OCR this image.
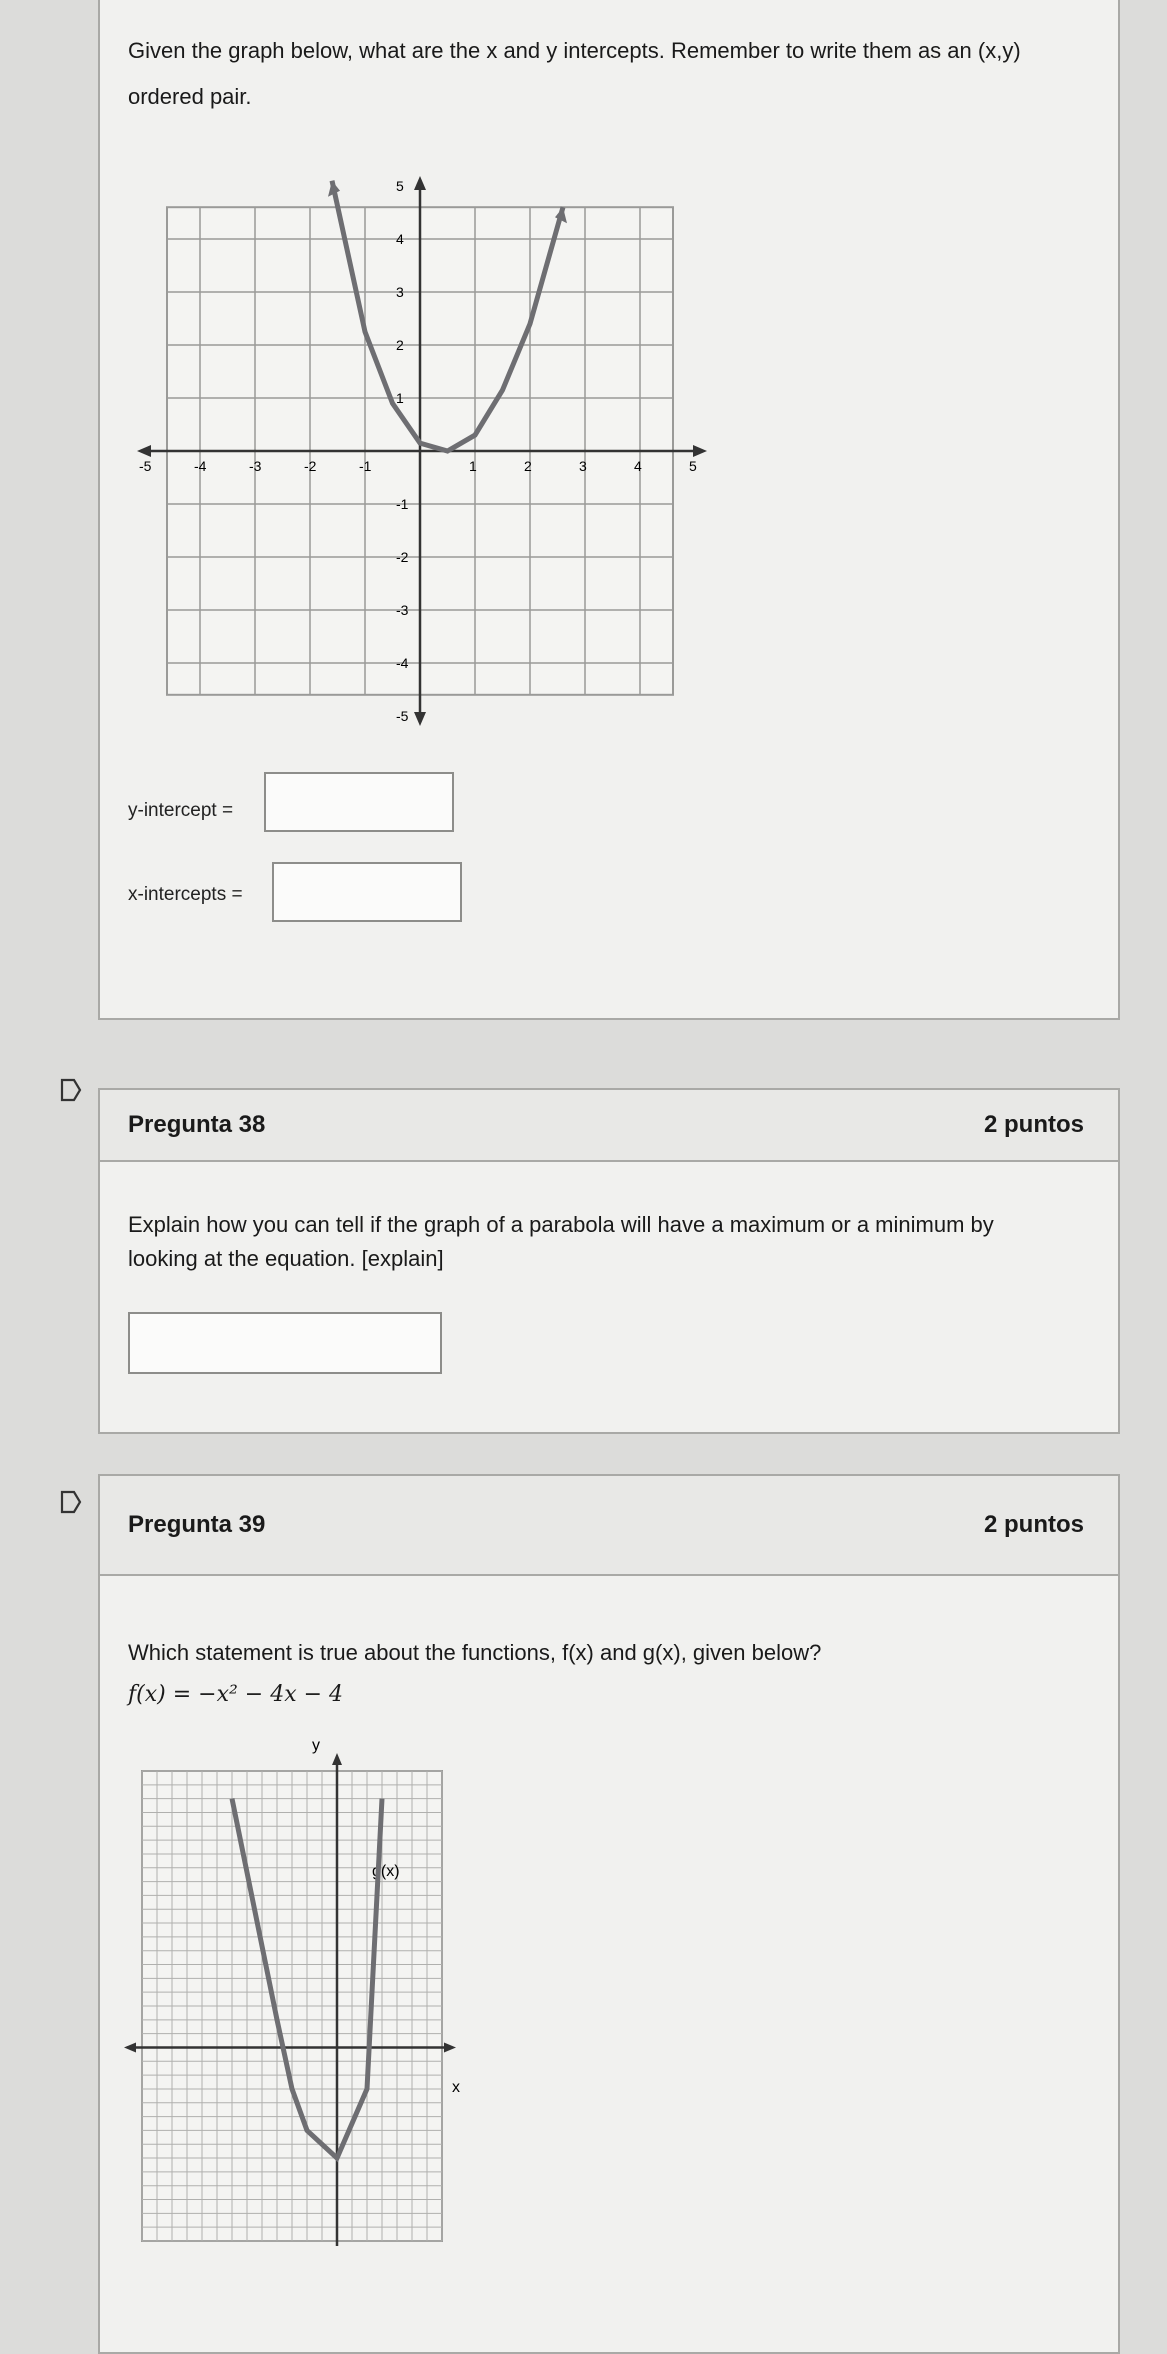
Given the graph below, what are the x and y intercepts. Remember to write them as an (x,y) ordered pair.
-5	-4	-3	-2	-1	1	2	3	4	5
5
4
3
2
1
-1
-2
-3
-4
-5
y-intercept =
x-intercepts =
Pregunta 38	2 puntos
Explain how you can tell if the graph of a parabola will have a maximum or a minimum by looking at the equation. [explain]
Pregunta 39	2 puntos
Which statement is true about the functions, f(x) and g(x), given below?
f(x) = −x² − 4x − 4
y
x
g(x)
